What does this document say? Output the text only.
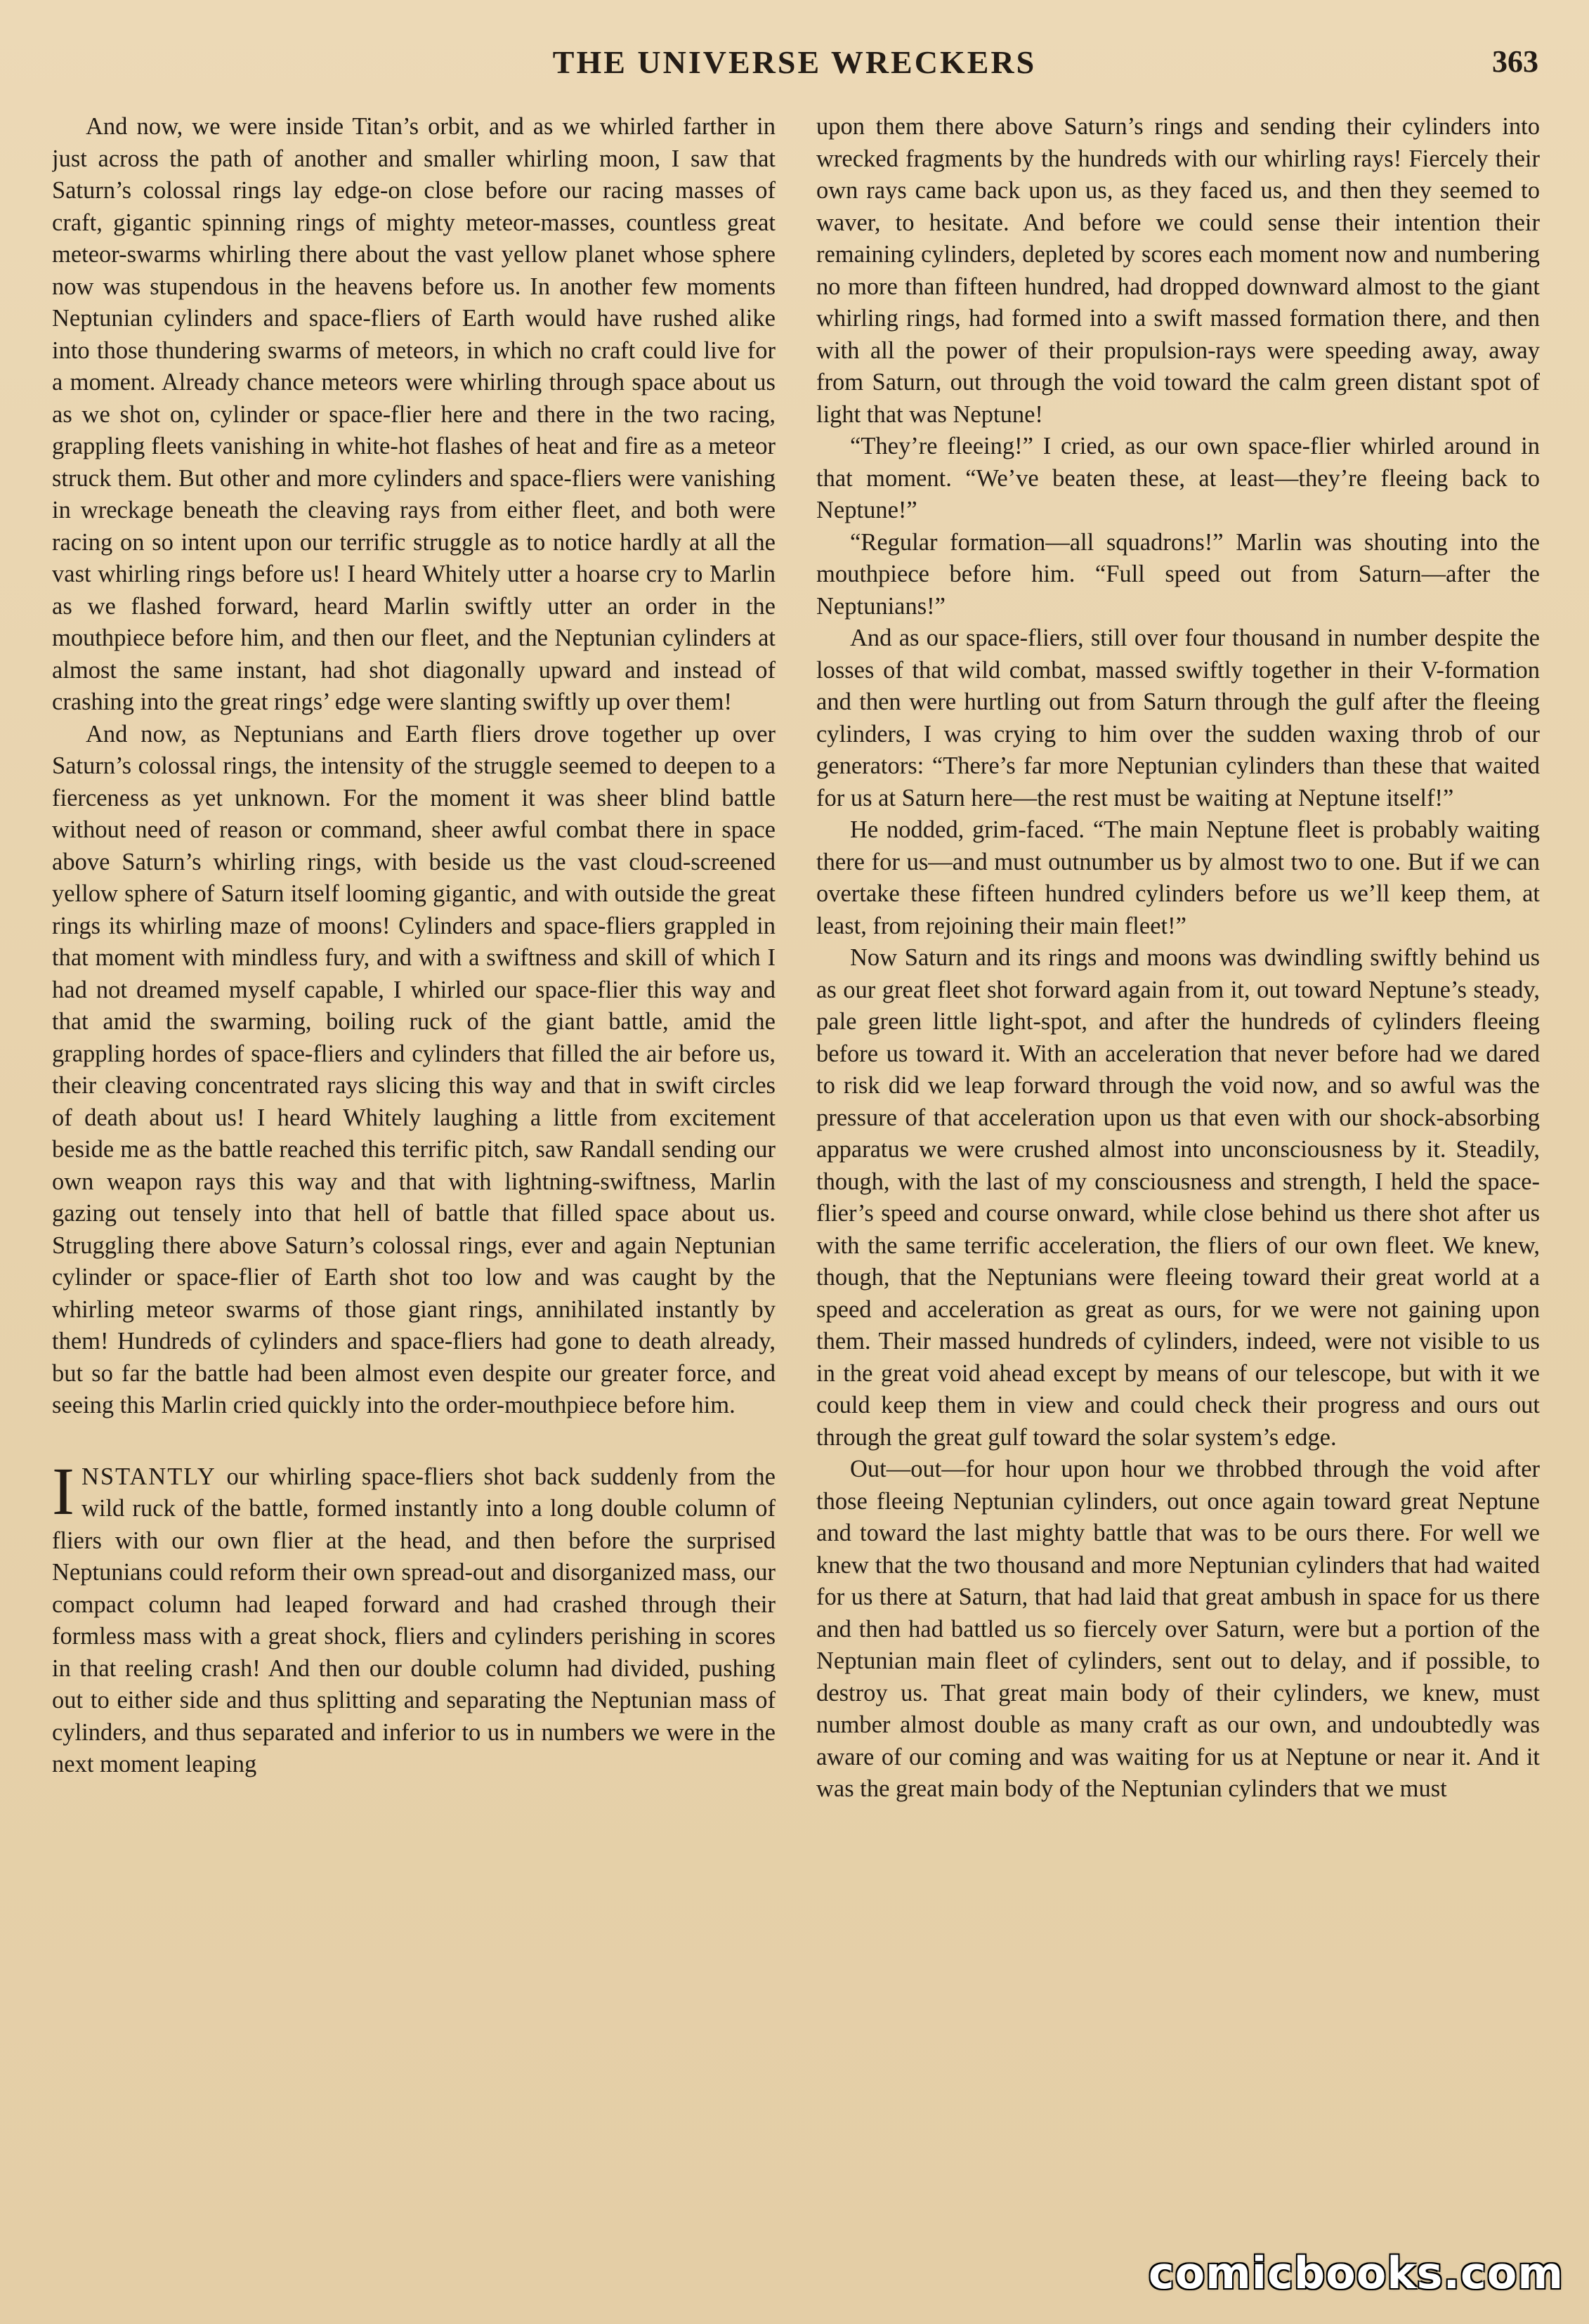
THE UNIVERSE WRECKERS	363

And now, we were inside Titan’s orbit, and as we whirled farther in just across the path of another and smaller whirling moon, I saw that Saturn’s colossal rings lay edge-on close before our racing masses of craft, gigantic spinning rings of mighty meteor-masses, countless great meteor-swarms whirling there about the vast yellow planet whose sphere now was stupendous in the heavens before us. In another few moments Neptunian cylinders and space-fliers of Earth would have rushed alike into those thundering swarms of meteors, in which no craft could live for a moment. Already chance meteors were whirling through space about us as we shot on, cylinder or space-flier here and there in the two racing, grappling fleets vanishing in white-hot flashes of heat and fire as a meteor struck them. But other and more cylinders and space-fliers were vanishing in wreckage beneath the cleaving rays from either fleet, and both were racing on so intent upon our terrific struggle as to notice hardly at all the vast whirling rings before us! I heard Whitely utter a hoarse cry to Marlin as we flashed forward, heard Marlin swiftly utter an order in the mouthpiece before him, and then our fleet, and the Neptunian cylinders at almost the same instant, had shot diagonally upward and instead of crashing into the great rings’ edge were slanting swiftly up over them!

And now, as Neptunians and Earth fliers drove together up over Saturn’s colossal rings, the intensity of the struggle seemed to deepen to a fierceness as yet unknown. For the moment it was sheer blind battle without need of reason or command, sheer awful combat there in space above Saturn’s whirling rings, with beside us the vast cloud-screened yellow sphere of Saturn itself looming gigantic, and with outside the great rings its whirling maze of moons! Cylinders and space-fliers grappled in that moment with mindless fury, and with a swiftness and skill of which I had not dreamed myself capable, I whirled our space-flier this way and that amid the swarming, boiling ruck of the giant battle, amid the grappling hordes of space-fliers and cylinders that filled the air before us, their cleaving concentrated rays slicing this way and that in swift circles of death about us! I heard Whitely laughing a little from excitement beside me as the battle reached this terrific pitch, saw Randall sending our own weapon rays this way and that with lightning-swiftness, Marlin gazing out tensely into that hell of battle that filled space about us. Struggling there above Saturn’s colossal rings, ever and again Neptunian cylinder or space-flier of Earth shot too low and was caught by the whirling meteor swarms of those giant rings, annihilated instantly by them! Hundreds of cylinders and space-fliers had gone to death already, but so far the battle had been almost even despite our greater force, and seeing this Marlin cried quickly into the order-mouthpiece before him.

INSTANTLY our whirling space-fliers shot back suddenly from the wild ruck of the battle, formed instantly into a long double column of fliers with our own flier at the head, and then before the surprised Neptunians could reform their own spread-out and disorganized mass, our compact column had leaped forward and had crashed through their formless mass with a great shock, fliers and cylinders perishing in scores in that reeling crash! And then our double column had divided, pushing out to either side and thus splitting and separating the Neptunian mass of cylinders, and thus separated and inferior to us in numbers we were in the next moment leaping

upon them there above Saturn’s rings and sending their cylinders into wrecked fragments by the hundreds with our whirling rays! Fiercely their own rays came back upon us, as they faced us, and then they seemed to waver, to hesitate. And before we could sense their intention their remaining cylinders, depleted by scores each moment now and numbering no more than fifteen hundred, had dropped downward almost to the giant whirling rings, had formed into a swift massed formation there, and then with all the power of their propulsion-rays were speeding away, away from Saturn, out through the void toward the calm green distant spot of light that was Neptune!

“They’re fleeing!” I cried, as our own space-flier whirled around in that moment. “We’ve beaten these, at least—they’re fleeing back to Neptune!”

“Regular formation—all squadrons!” Marlin was shouting into the mouthpiece before him. “Full speed out from Saturn—after the Neptunians!”

And as our space-fliers, still over four thousand in number despite the losses of that wild combat, massed swiftly together in their V-formation and then were hurtling out from Saturn through the gulf after the fleeing cylinders, I was crying to him over the sudden waxing throb of our generators: “There’s far more Neptunian cylinders than these that waited for us at Saturn here—the rest must be waiting at Neptune itself!”

He nodded, grim-faced. “The main Neptune fleet is probably waiting there for us—and must outnumber us by almost two to one. But if we can overtake these fifteen hundred cylinders before us we’ll keep them, at least, from rejoining their main fleet!”

Now Saturn and its rings and moons was dwindling swiftly behind us as our great fleet shot forward again from it, out toward Neptune’s steady, pale green little light-spot, and after the hundreds of cylinders fleeing before us toward it. With an acceleration that never before had we dared to risk did we leap forward through the void now, and so awful was the pressure of that acceleration upon us that even with our shock-absorbing apparatus we were crushed almost into unconsciousness by it. Steadily, though, with the last of my consciousness and strength, I held the space-flier’s speed and course onward, while close behind us there shot after us with the same terrific acceleration, the fliers of our own fleet. We knew, though, that the Neptunians were fleeing toward their great world at a speed and acceleration as great as ours, for we were not gaining upon them. Their massed hundreds of cylinders, indeed, were not visible to us in the great void ahead except by means of our telescope, but with it we could keep them in view and could check their progress and ours out through the great gulf toward the solar system’s edge.

Out—out—for hour upon hour we throbbed through the void after those fleeing Neptunian cylinders, out once again toward great Neptune and toward the last mighty battle that was to be ours there. For well we knew that the two thousand and more Neptunian cylinders that had waited for us there at Saturn, that had laid that great ambush in space for us there and then had battled us so fiercely over Saturn, were but a portion of the Neptunian main fleet of cylinders, sent out to delay, and if possible, to destroy us. That great main body of their cylinders, we knew, must number almost double as many craft as our own, and undoubtedly was aware of our coming and was waiting for us at Neptune or near it. And it was the great main body of the Neptunian cylinders that we must

comicbooks.com
